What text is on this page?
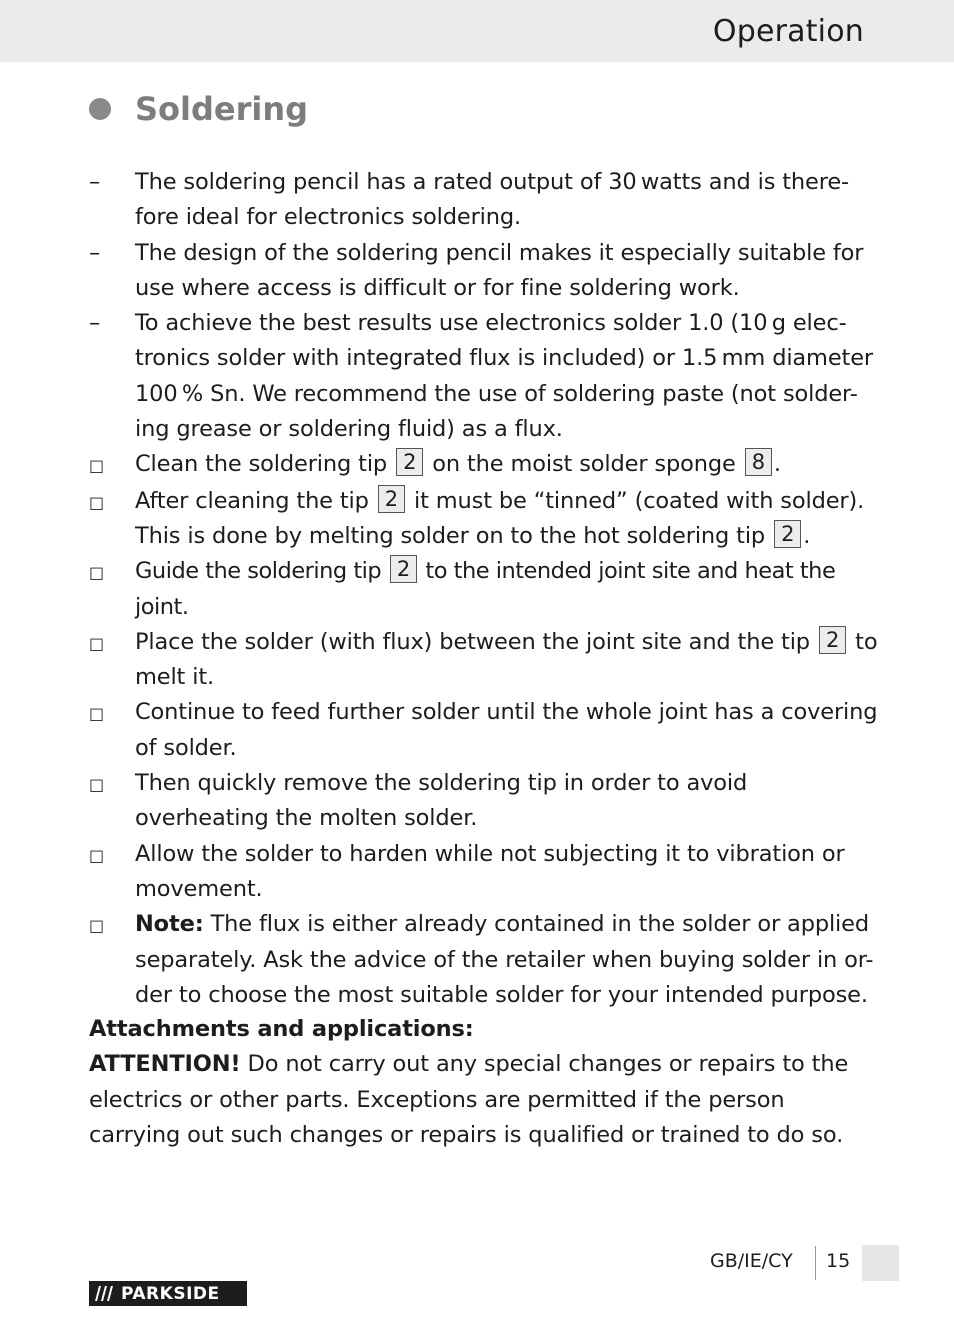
Operation
Soldering
–	The soldering pencil has a rated output of 30 watts and is there-fore ideal for electronics soldering.
–	The design of the soldering pencil makes it especially suitable for use where access is difficult or for fine soldering work.
–	To achieve the best results use electronics solder 1.0 (10 g elec-tronics solder with integrated flux is included) or 1.5 mm diameter 100 % Sn. We recommend the use of soldering paste (not solder-ing grease or soldering fluid) as a flux.
□	Clean the soldering tip 2 on the moist solder sponge 8 .
□	After cleaning the tip 2 it must be “tinned” (coated with solder). This is done by melting solder on to the hot soldering tip 2 .
□	Guide the soldering tip 2 to the intended joint site and heat the joint.
□	Place the solder (with flux) between the joint site and the tip 2 to melt it.
□	Continue to feed further solder until the whole joint has a covering of solder.
□	Then quickly remove the soldering tip in order to avoid overheating the molten solder.
□	Allow the solder to harden while not subjecting it to vibration or movement.
□	Note: The flux is either already contained in the solder or applied separately. Ask the advice of the retailer when buying solder in or-der to choose the most suitable solder for your intended purpose.
Attachments and applications:
ATTENTION! Do not carry out any special changes or repairs to the electrics or other parts. Exceptions are permitted if the person carrying out such changes or repairs is qualified or trained to do so.
GB/IE/CY 15
PARKSIDE
